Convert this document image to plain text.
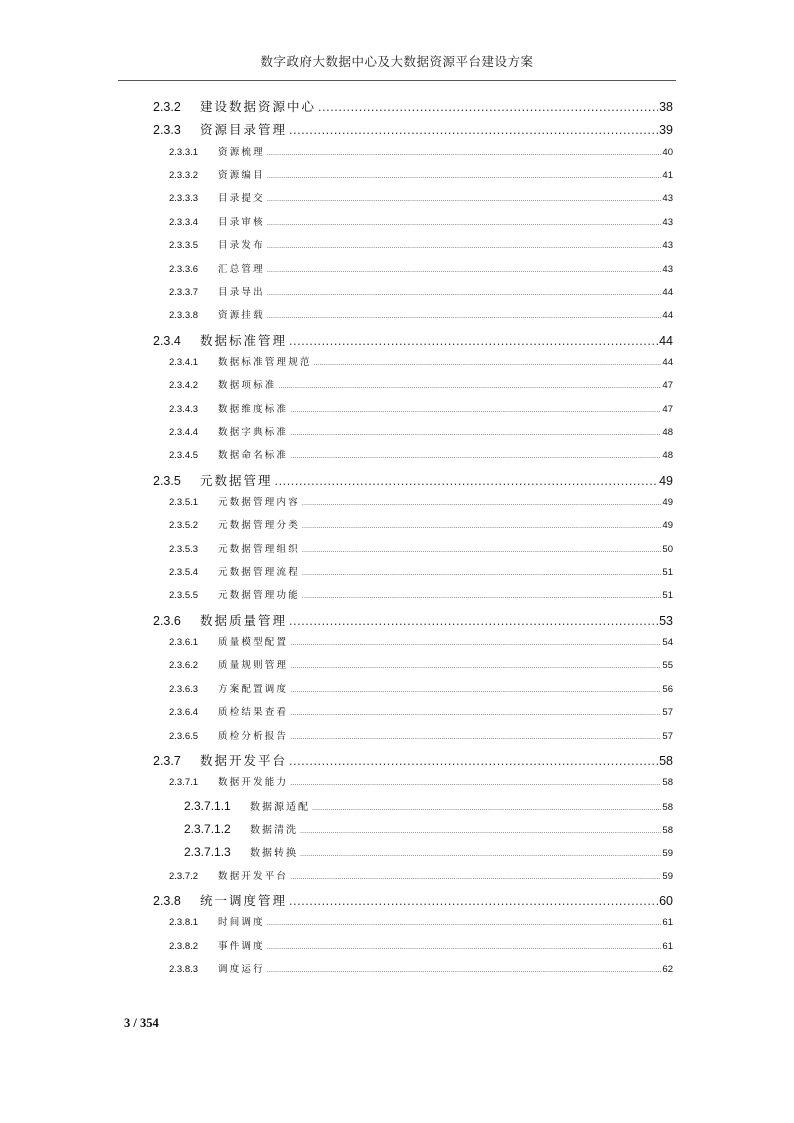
数字政府大数据中心及大数据资源平台建设方案
2.3.2	建设数据资源中心 .....	38
2.3.3	资源目录管理 .....	39
2.3.3.1	资源梳理 .....	40
2.3.3.2	资源编目 .....	41
2.3.3.3	目录提交 .....	43
2.3.3.4	目录审核 .....	43
2.3.3.5	目录发布 .....	43
2.3.3.6	汇总管理 .....	43
2.3.3.7	目录导出 .....	44
2.3.3.8	资源挂载 .....	44
2.3.4	数据标准管理 .....	44
2.3.4.1	数据标准管理规范 .....	44
2.3.4.2	数据项标准 .....	47
2.3.4.3	数据维度标准 .....	47
2.3.4.4	数据字典标准 .....	48
2.3.4.5	数据命名标准 .....	48
2.3.5	元数据管理 .....	49
2.3.5.1	元数据管理内容 .....	49
2.3.5.2	元数据管理分类 .....	49
2.3.5.3	元数据管理组织 .....	50
2.3.5.4	元数据管理流程 .....	51
2.3.5.5	元数据管理功能 .....	51
2.3.6	数据质量管理 .....	53
2.3.6.1	质量模型配置 .....	54
2.3.6.2	质量规则管理 .....	55
2.3.6.3	方案配置调度 .....	56
2.3.6.4	质检结果查看 .....	57
2.3.6.5	质检分析报告 .....	57
2.3.7	数据开发平台 .....	58
2.3.7.1	数据开发能力 .....	58
2.3.7.1.1	数据源适配 .....	58
2.3.7.1.2	数据清洗 .....	58
2.3.7.1.3	数据转换 .....	59
2.3.7.2	数据开发平台 .....	59
2.3.8	统一调度管理 .....	60
2.3.8.1	时间调度 .....	61
2.3.8.2	事件调度 .....	61
2.3.8.3	调度运行 .....	62
3 / 354
